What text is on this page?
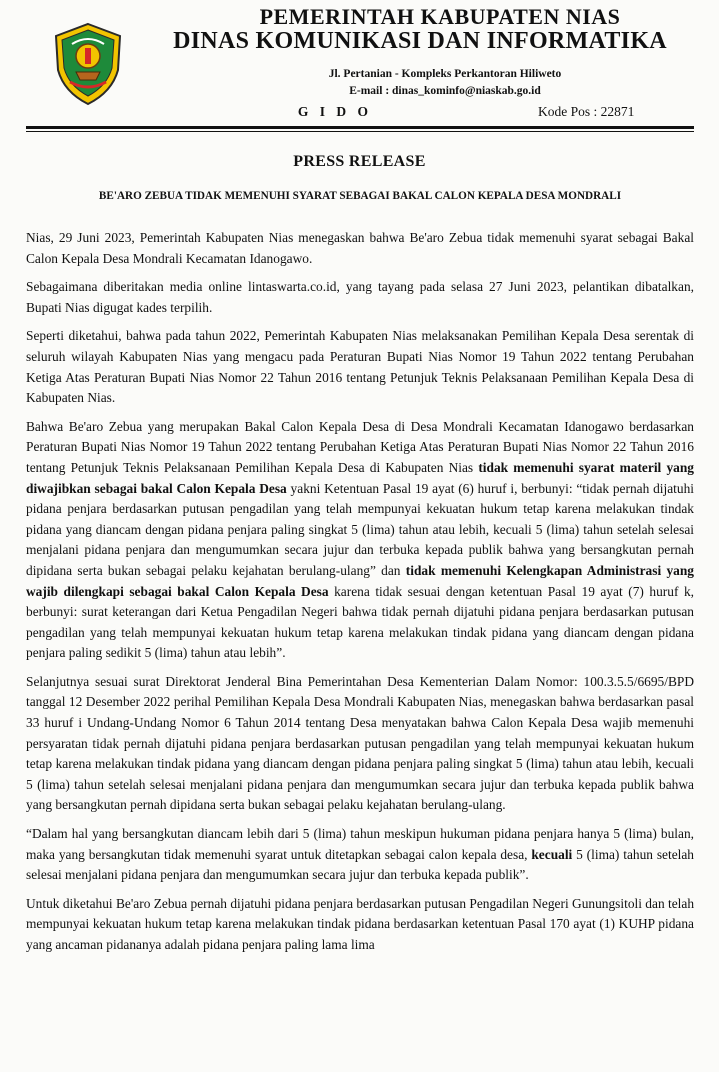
PEMERINTAH KABUPATEN NIAS
DINAS KOMUNIKASI DAN INFORMATIKA
Jl. Pertanian - Kompleks Perkantoran Hiliweto
E-mail : dinas_kominfo@niaskab.go.id
G I D O	Kode Pos : 22871
PRESS RELEASE
BE'ARO ZEBUA TIDAK MEMENUHI SYARAT SEBAGAI BAKAL CALON KEPALA DESA MONDRALI

Nias, 29 Juni 2023, Pemerintah Kabupaten Nias menegaskan bahwa Be'aro Zebua tidak memenuhi syarat sebagai Bakal Calon Kepala Desa Mondrali Kecamatan Idanogawo.

Sebagaimana diberitakan media online lintaswarta.co.id, yang tayang pada selasa 27 Juni 2023, pelantikan dibatalkan, Bupati Nias digugat kades terpilih.

Seperti diketahui, bahwa pada tahun 2022, Pemerintah Kabupaten Nias melaksanakan Pemilihan Kepala Desa serentak di seluruh wilayah Kabupaten Nias yang mengacu pada Peraturan Bupati Nias Nomor 19 Tahun 2022 tentang Perubahan Ketiga Atas Peraturan Bupati Nias Nomor 22 Tahun 2016 tentang Petunjuk Teknis Pelaksanaan Pemilihan Kepala Desa di Kabupaten Nias.

Bahwa Be'aro Zebua yang merupakan Bakal Calon Kepala Desa di Desa Mondrali Kecamatan Idanogawo berdasarkan Peraturan Bupati Nias Nomor 19 Tahun 2022 tentang Perubahan Ketiga Atas Peraturan Bupati Nias Nomor 22 Tahun 2016 tentang Petunjuk Teknis Pelaksanaan Pemilihan Kepala Desa di Kabupaten Nias tidak memenuhi syarat materil yang diwajibkan sebagai bakal Calon Kepala Desa yakni Ketentuan Pasal 19 ayat (6) huruf i, berbunyi: “tidak pernah dijatuhi pidana penjara berdasarkan putusan pengadilan yang telah mempunyai kekuatan hukum tetap karena melakukan tindak pidana yang diancam dengan pidana penjara paling singkat 5 (lima) tahun atau lebih, kecuali 5 (lima) tahun setelah selesai menjalani pidana penjara dan mengumumkan secara jujur dan terbuka kepada publik bahwa yang bersangkutan pernah dipidana serta bukan sebagai pelaku kejahatan berulang-ulang” dan tidak memenuhi Kelengkapan Administrasi yang wajib dilengkapi sebagai bakal Calon Kepala Desa karena tidak sesuai dengan ketentuan Pasal 19 ayat (7) huruf k, berbunyi: surat keterangan dari Ketua Pengadilan Negeri bahwa tidak pernah dijatuhi pidana penjara berdasarkan putusan pengadilan yang telah mempunyai kekuatan hukum tetap karena melakukan tindak pidana yang diancam dengan pidana penjara paling sedikit 5 (lima) tahun atau lebih”.

Selanjutnya sesuai surat Direktorat Jenderal Bina Pemerintahan Desa Kementerian Dalam Nomor: 100.3.5.5/6695/BPD tanggal 12 Desember 2022 perihal Pemilihan Kepala Desa Mondrali Kabupaten Nias, menegaskan bahwa berdasarkan pasal 33 huruf i Undang-Undang Nomor 6 Tahun 2014 tentang Desa menyatakan bahwa Calon Kepala Desa wajib memenuhi persyaratan tidak pernah dijatuhi pidana penjara berdasarkan putusan pengadilan yang telah mempunyai kekuatan hukum tetap karena melakukan tindak pidana yang diancam dengan pidana penjara paling singkat 5 (lima) tahun atau lebih, kecuali 5 (lima) tahun setelah selesai menjalani pidana penjara dan mengumumkan secara jujur dan terbuka kepada publik bahwa yang bersangkutan pernah dipidana serta bukan sebagai pelaku kejahatan berulang-ulang.

“Dalam hal yang bersangkutan diancam lebih dari 5 (lima) tahun meskipun hukuman pidana penjara hanya 5 (lima) bulan, maka yang bersangkutan tidak memenuhi syarat untuk ditetapkan sebagai calon kepala desa, kecuali 5 (lima) tahun setelah selesai menjalani pidana penjara dan mengumumkan secara jujur dan terbuka kepada publik”.

Untuk diketahui Be'aro Zebua pernah dijatuhi pidana penjara berdasarkan putusan Pengadilan Negeri Gunungsitoli dan telah mempunyai kekuatan hukum tetap karena melakukan tindak pidana berdasarkan ketentuan Pasal 170 ayat (1) KUHP pidana yang ancaman pidananya adalah pidana penjara paling lama lima
